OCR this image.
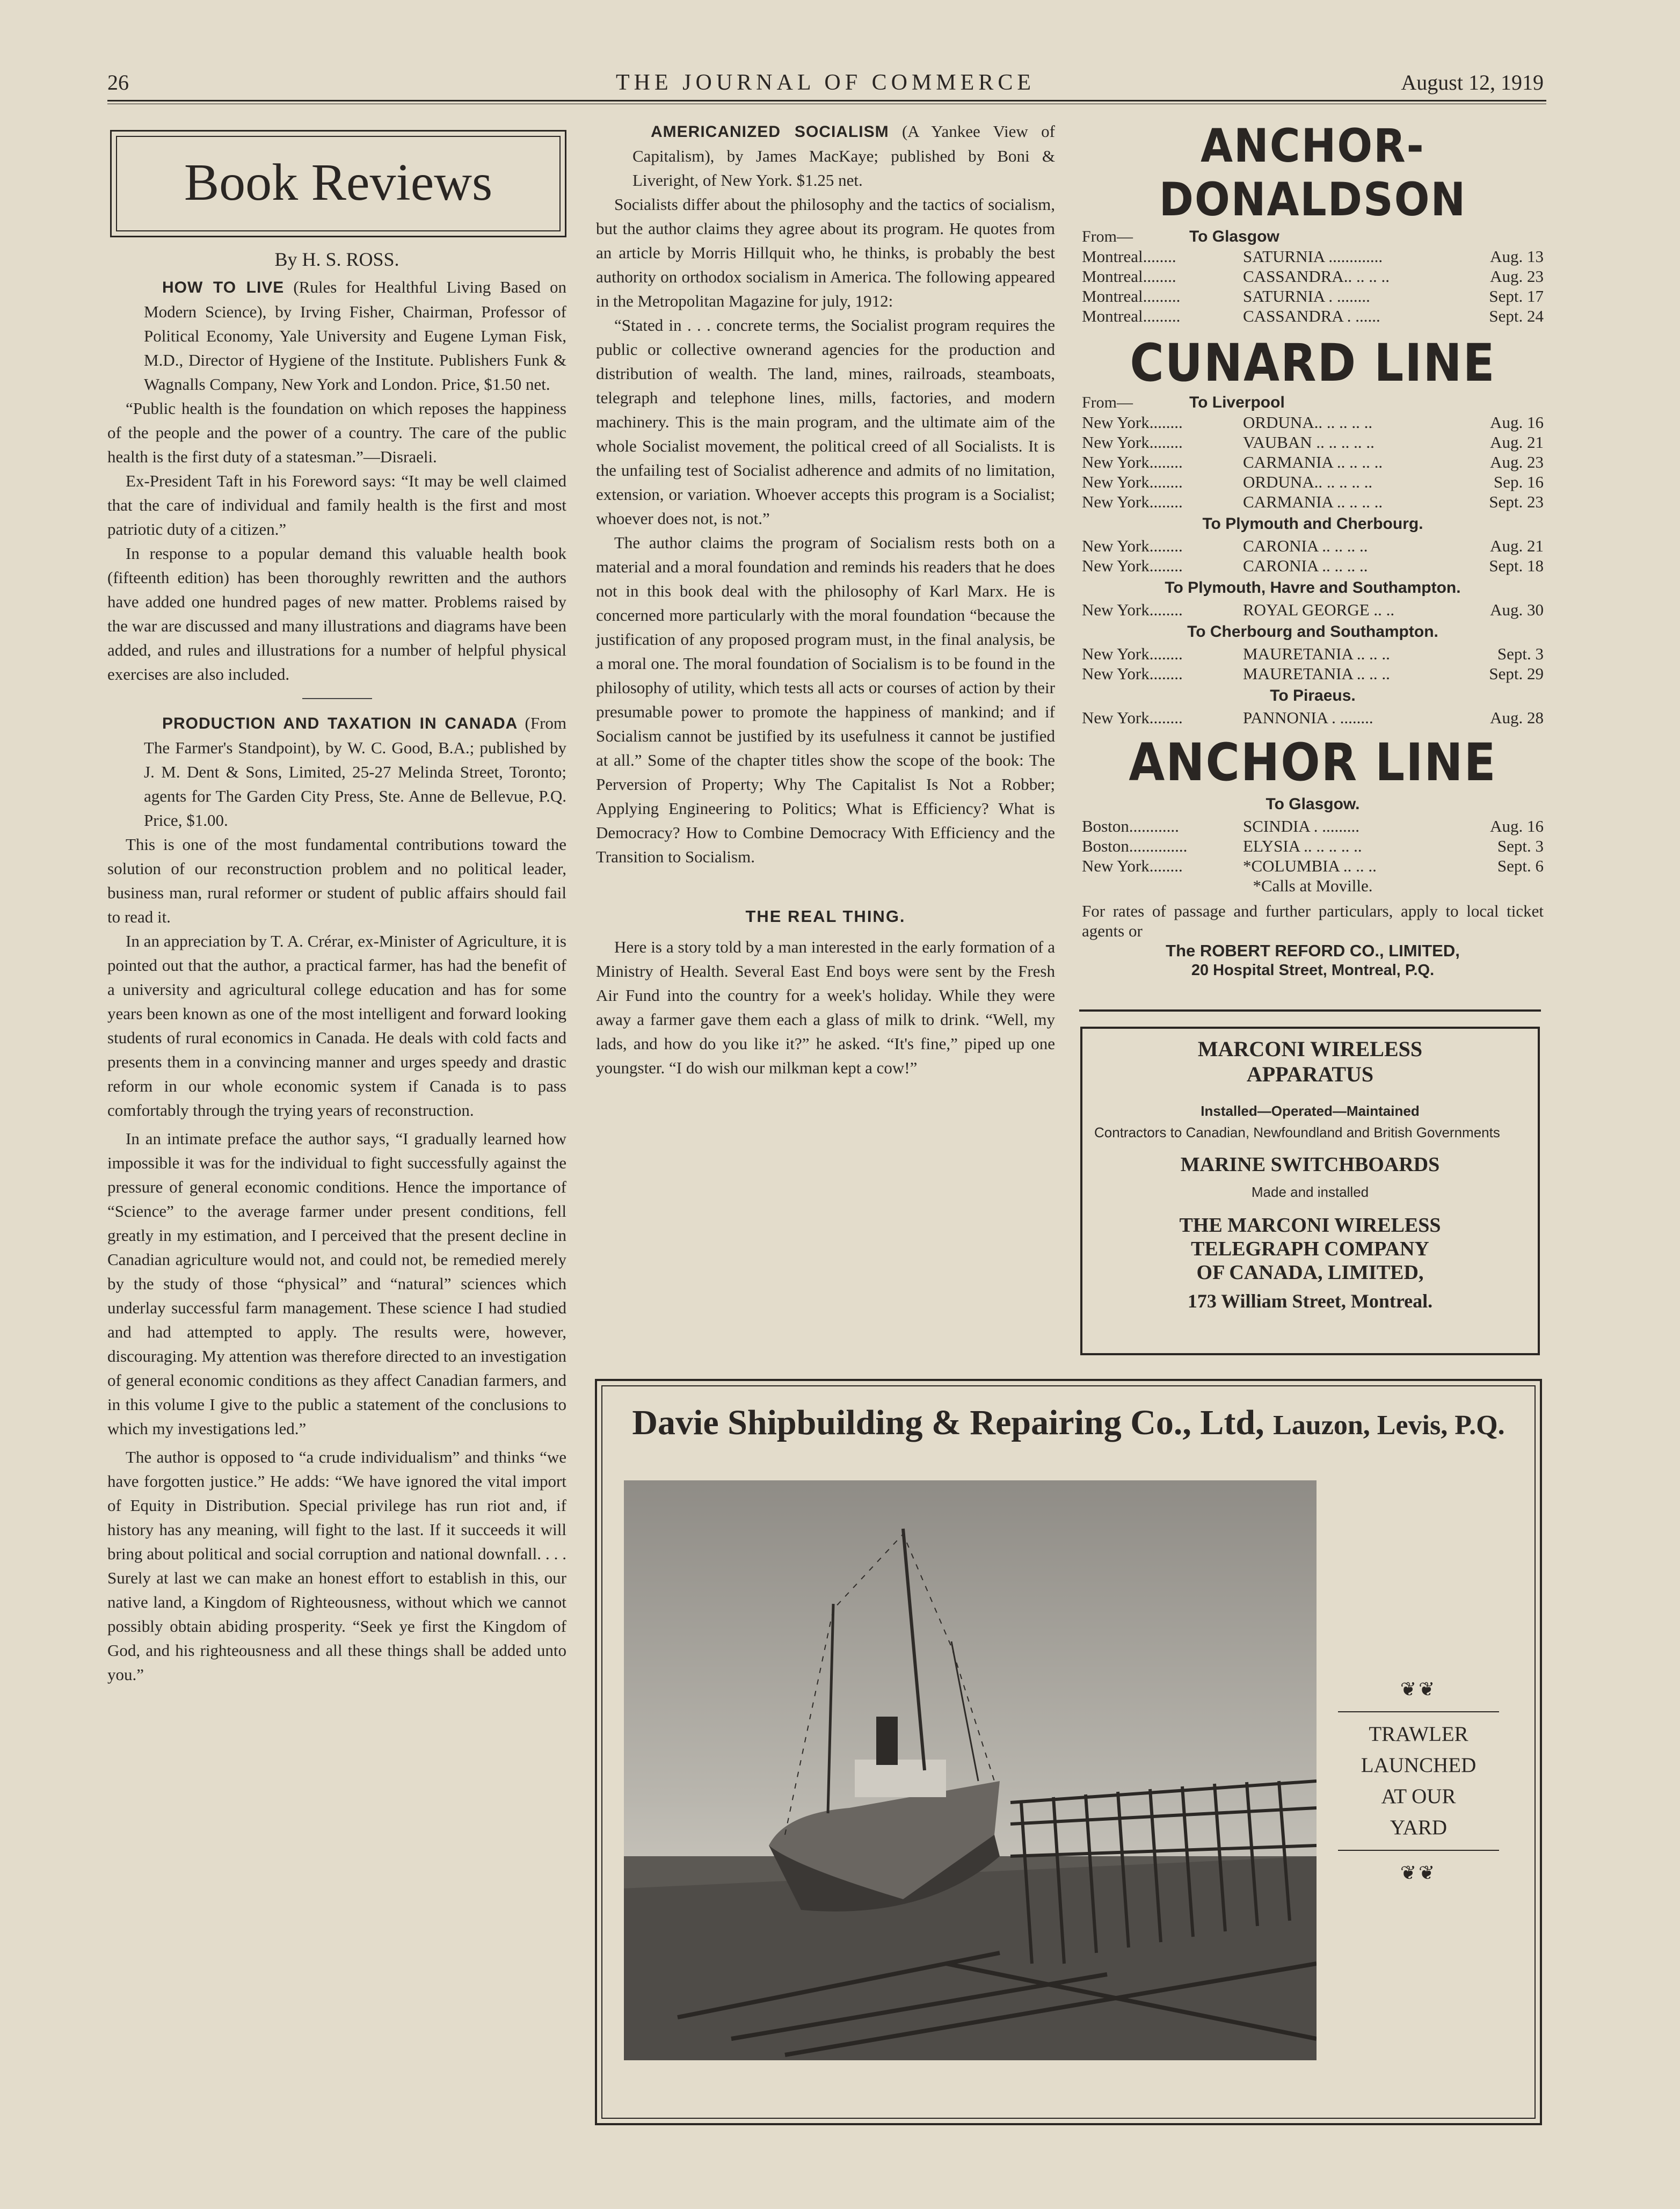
26	THE JOURNAL OF COMMERCE	August 12, 1919
Book Reviews
By H. S. ROSS.

HOW TO LIVE (Rules for Healthful Living Based on Modern Science), by Irving Fisher, Chairman, Professor of Political Economy, Yale University and Eugene Lyman Fisk, M.D., Director of Hygiene of the Institute. Publishers Funk & Wagnalls Company, New York and London. Price, $1.50 net.

“Public health is the foundation on which reposes the happiness of the people and the power of a country. The care of the public health is the first duty of a statesman.”—Disraeli.

Ex-President Taft in his Foreword says: “It may be well claimed that the care of individual and family health is the first and most patriotic duty of a citizen.”

In response to a popular demand this valuable health book (fifteenth edition) has been thoroughly rewritten and the authors have added one hundred pages of new matter. Problems raised by the war are discussed and many illustrations and diagrams have been added, and rules and illustrations for a number of helpful physical exercises are also included.

PRODUCTION AND TAXATION IN CANADA (From The Farmer's Standpoint), by W. C. Good, B.A.; published by J. M. Dent & Sons, Limited, 25-27 Melinda Street, Toronto; agents for The Garden City Press, Ste. Anne de Bellevue, P.Q. Price, $1.00.

This is one of the most fundamental contributions toward the solution of our reconstruction problem and no political leader, business man, rural reformer or student of public affairs should fail to read it.

In an appreciation by T. A. Crérar, ex-Minister of Agriculture, it is pointed out that the author, a practical farmer, has had the benefit of a university and agricultural college education and has for some years been known as one of the most intelligent and forward looking students of rural economics in Canada. He deals with cold facts and presents them in a convincing manner and urges speedy and drastic reform in our whole economic system if Canada is to pass comfortably through the trying years of reconstruction.

In an intimate preface the author says, “I gradually learned how impossible it was for the individual to fight successfully against the pressure of general economic conditions. Hence the importance of “Science” to the average farmer under present conditions, fell greatly in my estimation, and I perceived that the present decline in Canadian agriculture would not, and could not, be remedied merely by the study of those “physical” and “natural” sciences which underlay successful farm management. These science I had studied and had attempted to apply. The results were, however, discouraging. My attention was therefore directed to an investigation of general economic conditions as they affect Canadian farmers, and in this volume I give to the public a statement of the conclusions to which my investigations led.”

The author is opposed to “a crude individualism” and thinks “we have forgotten justice.” He adds: “We have ignored the vital import of Equity in Distribution. Special privilege has run riot and, if history has any meaning, will fight to the last. If it succeeds it will bring about political and social corruption and national downfall. . . . Surely at last we can make an honest effort to establish in this, our native land, a Kingdom of Righteousness, without which we cannot possibly obtain abiding prosperity. “Seek ye first the Kingdom of God, and his righteousness and all these things shall be added unto you.”

AMERICANIZED SOCIALISM (A Yankee View of Capitalism), by James MacKaye; published by Boni & Liveright, of New York. $1.25 net.

Socialists differ about the philosophy and the tactics of socialism, but the author claims they agree about its program. He quotes from an article by Morris Hillquit who, he thinks, is probably the best authority on orthodox socialism in America. The following appeared in the Metropolitan Magazine for july, 1912:

“Stated in . . . concrete terms, the Socialist program requires the public or collective ownerand agencies for the production and distribution of wealth. The land, mines, railroads, steamboats, telegraph and telephone lines, mills, factories, and modern machinery. This is the main program, and the ultimate aim of the whole Socialist movement, the political creed of all Socialists. It is the unfailing test of Socialist adherence and admits of no limitation, extension, or variation. Whoever accepts this program is a Socialist; whoever does not, is not.”

The author claims the program of Socialism rests both on a material and a moral foundation and reminds his readers that he does not in this book deal with the philosophy of Karl Marx. He is concerned more particularly with the moral foundation “because the justification of any proposed program must, in the final analysis, be a moral one. The moral foundation of Socialism is to be found in the philosophy of utility, which tests all acts or courses of action by their presumable power to promote the happiness of mankind; and if Socialism cannot be justified by its usefulness it cannot be justified at all.” Some of the chapter titles show the scope of the book: The Perversion of Property; Why The Capitalist Is Not a Robber; Applying Engineering to Politics; What is Efficiency? What is Democracy? How to Combine Democracy With Efficiency and the Transition to Socialism.

THE REAL THING.

Here is a story told by a man interested in the early formation of a Ministry of Health. Several East End boys were sent by the Fresh Air Fund into the country for a week's holiday. While they were away a farmer gave them each a glass of milk to drink. “Well, my lads, and how do you like it?” he asked. “It's fine,” piped up one youngster. “I do wish our milkman kept a cow!”

ANCHOR-DONALDSON
From—	To Glasgow
Montreal........	SATURNIA .............	Aug. 13
Montreal........	CASSANDRA.. .. .. ..	Aug. 23
Montreal.........	SATURNIA . ........	Sept. 17
Montreal.........	CASSANDRA . ......	Sept. 24
CUNARD LINE
From—	To Liverpool
New York........	ORDUNA.. .. .. .. ..	Aug. 16
New York........	VAUBAN .. .. .. .. ..	Aug. 21
New York........	CARMANIA .. .. .. ..	Aug. 23
New York........	ORDUNA.. .. .. .. ..	Sep. 16
New York........	CARMANIA .. .. .. ..	Sept. 23
To Plymouth and Cherbourg.
New York........	CARONIA .. .. .. ..	Aug. 21
New York........	CARONIA .. .. .. ..	Sept. 18
To Plymouth, Havre and Southampton.
New York........	ROYAL GEORGE .. ..	Aug. 30
To Cherbourg and Southampton.
New York........	MAURETANIA .. .. ..	Sept. 3
New York........	MAURETANIA .. .. ..	Sept. 29
To Piraeus.
New York........	PANNONIA . ........	Aug. 28
ANCHOR LINE
To Glasgow.
Boston............	SCINDIA . .........	Aug. 16
Boston..............	ELYSIA .. .. .. .. ..	Sept. 3
New York........	*COLUMBIA .. .. ..	Sept. 6
*Calls at Moville.
For rates of passage and further particulars, apply to local ticket agents or
The ROBERT REFORD CO., LIMITED,
20 Hospital Street, Montreal, P.Q.
MARCONI WIRELESS
APPARATUS
Installed—Operated—Maintained
Contractors to Canadian, Newfoundland and British Governments
MARINE SWITCHBOARDS
Made and installed
THE MARCONI WIRELESS
TELEGRAPH COMPANY
OF CANADA, LIMITED,
173 William Street, Montreal.
Davie Shipbuilding & Repairing Co., Ltd, Lauzon, Levis, P.Q.
❦❦
TRAWLER
LAUNCHED
AT OUR
YARD
❦❦
